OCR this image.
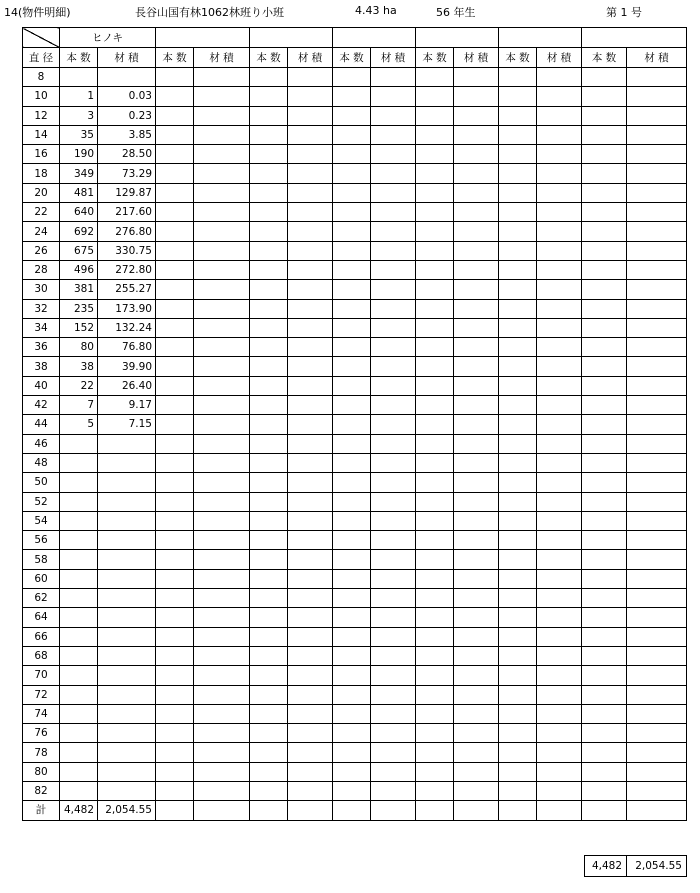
14(物件明細)	長谷山国有林1062林班り小班	4.43 ha	56 年生	第 1 号
	ヒノキ													
直 径	本 数	材 積	本 数	材 積	本 数	材 積	本 数	材 積	本 数	材 積	本 数	材 積	本 数	材 積
8														
10	1	0.03												
12	3	0.23												
14	35	3.85												
16	190	28.50												
18	349	73.29												
20	481	129.87												
22	640	217.60												
24	692	276.80												
26	675	330.75												
28	496	272.80												
30	381	255.27												
32	235	173.90												
34	152	132.24												
36	80	76.80												
38	38	39.90												
40	22	26.40												
42	7	9.17												
44	5	7.15												
46														
48														
50														
52														
54														
56														
58														
60														
62														
64														
66														
68														
70														
72														
74														
76														
78														
80														
82														
計	4,482	2,054.55												
4,482	2,054.55
